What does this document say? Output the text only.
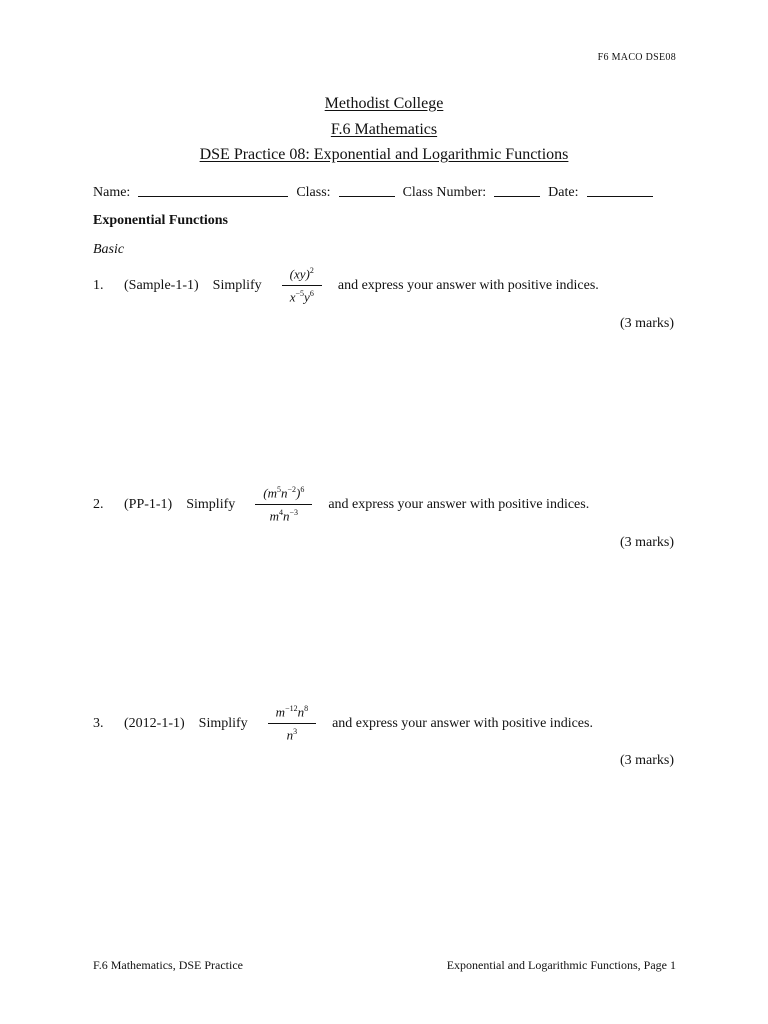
F6 MACO DSE08
Methodist College
F.6 Mathematics
DSE Practice 08: Exponential and Logarithmic Functions
Name:	Class:	Class Number:	Date:
Exponential Functions
Basic
1.	(Sample-1-1) Simplify $\frac{(xy)^2}{x^{-5}y^6}$ and express your answer with positive indices.
(3 marks)
2.	(PP-1-1) Simplify $\frac{(m^5n^{-2})^6}{m^4n^{-3}}$ and express your answer with positive indices.
(3 marks)
3.	(2012-1-1) Simplify $\frac{m^{-12}n^8}{n^3}$ and express your answer with positive indices.
(3 marks)
F.6 Mathematics, DSE Practice	Exponential and Logarithmic Functions, Page 1
